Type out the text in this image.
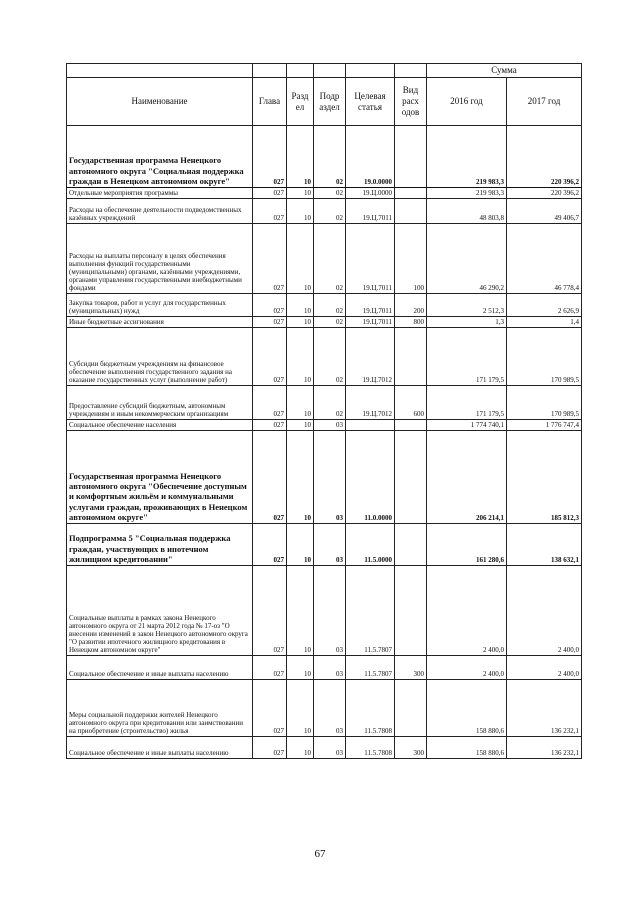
						Сумма	
Наименование	Глава	Разд ел	Подр аздел	Целевая статья	Вид расх одов	2016 год	2017 год
Государственная программа Ненецкого автономного округа "Социальная поддержка граждан в Ненецком автономном округе"	027	10	02	19.0.0000		219 983,3	220 396,2
Отдельные мероприятия программы	027	10	02	19.Ц.0000		219 983,3	220 396,2
Расходы на обеспечение деятельности подведомственных казённых учреждений	027	10	02	19.Ц.7011		48 803,8	49 406,7
Расходы на выплаты персоналу в целях обеспечения выполнения функций государственными (муниципальными) органами, казёнными учреждениями, органами управления государственными внебюджетными фондами	027	10	02	19.Ц.7011	100	46 290,2	46 778,4
Закупка товаров, работ и услуг для государственных (муниципальных) нужд	027	10	02	19.Ц.7011	200	2 512,3	2 626,9
Иные бюджетные ассигнования	027	10	02	19.Ц.7011	800	1,3	1,4
Субсидии бюджетным учреждениям на финансовое обеспечение выполнения государственного задания на оказание государственных услуг (выполнение работ)	027	10	02	19.Ц.7012		171 179,5	170 989,5
Предоставление субсидий бюджетным, автономным учреждениям и иным некоммерческим организациям	027	10	02	19.Ц.7012	600	171 179,5	170 989,5
Социальное обеспечение населения	027	10	03			1 774 740,1	1 776 747,4
Государственная программа Ненецкого автономного округа "Обеспечение доступным и комфортным жильём и коммунальными услугами граждан, проживающих в Ненецком автономном округе"	027	10	03	11.0.0000		206 214,1	185 812,3
Подпрограмма 5 "Социальная поддержка граждан, участвующих в ипотечном жилищном кредитовании"	027	10	03	11.5.0000		161 280,6	138 632,1
Социальные выплаты в рамках закона Ненецкого автономного округа от 21 марта 2012 года № 17-оз "О внесении изменений в закон Ненецкого автономного округа "О развитии ипотечного жилищного кредитования в Ненецком автономном округе"	027	10	03	11.5.7807		2 400,0	2 400,0
Социальное обеспечение и иные выплаты населению	027	10	03	11.5.7807	300	2 400,0	2 400,0
Меры социальной поддержки жителей Ненецкого автономного округа при кредитовании или заимствовании на приобретение (строительство) жилья	027	10	03	11.5.7808		158 880,6	136 232,1
Социальное обеспечение и иные выплаты населению	027	10	03	11.5.7808	300	158 880,6	136 232,1
67
